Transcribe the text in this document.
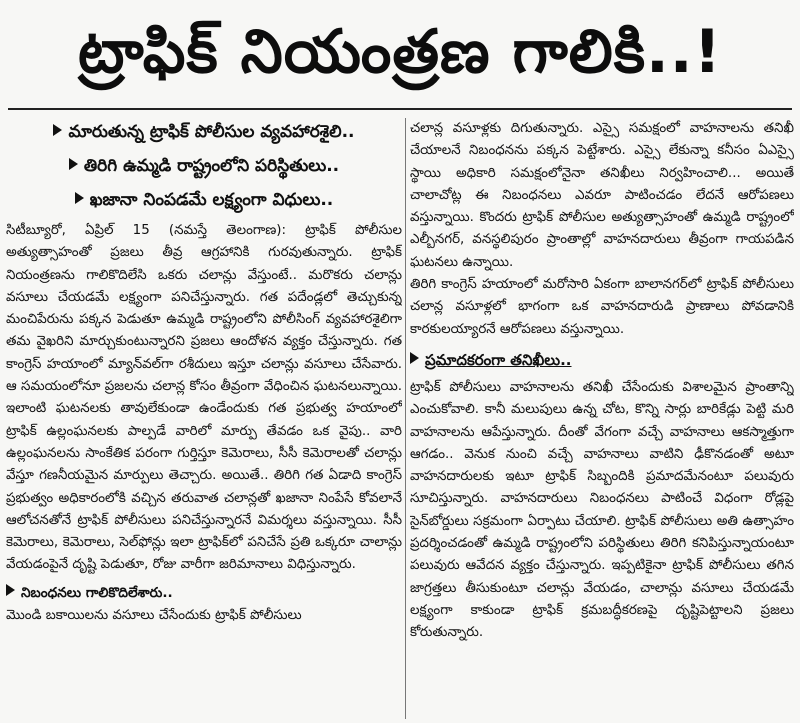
ట్రాఫిక్ నియంత్రణ గాలికి..!
మారుతున్న ట్రాఫిక్ పోలీసుల వ్యవహారశైలి..
తిరిగి ఉమ్మడి రాష్ట్రంలోని పరిస్థితులు..
ఖజానా నింపడమే లక్ష్యంగా విధులు..

సిటీబ్యూరో, ఏప్రిల్ 15 (నమస్తే తెలంగాణ): ట్రాఫిక్ పోలీసుల అత్యుత్సాహంతో ప్రజలు తీవ్ర ఆగ్రహానికి గురవుతున్నారు. ట్రాఫిక్ నియంత్రణను గాలికొదిలేసి ఒకరు చలాన్లు వేస్తుంటే.. మరొకరు చలాన్లు వసూలు చేయడమే లక్ష్యంగా పనిచేస్తున్నారు. గత పదేండ్లలో తెచ్చుకున్న మంచిపేరును పక్కన పెడుతూ ఉమ్మడి రాష్ట్రంలోని పోలీసింగ్ వ్యవహారశైలిగా తమ వైఖరిని మార్చుకుంటున్నారని ప్రజలు ఆందోళన వ్యక్తం చేస్తున్నారు. గత కాంగ్రెస్ హయాంలో మ్యాన్‌వల్‌గా రశీదులు ఇస్తూ చలాన్లు వసూలు చేసేవారు. ఆ సమయంలోనూ ప్రజలను చలాన్ల కోసం తీవ్రంగా వేధించిన ఘటనలున్నాయి. ఇలాంటి ఘటనలకు తావులేకుండా ఉండేందుకు గత ప్రభుత్వ హయాంలో ట్రాఫిక్ ఉల్లంఘనలకు పాల్పడే వారిలో మార్పు తేవడం ఒక వైపు.. వారి ఉల్లంఘనలను సాంకేతిక పరంగా గుర్తిస్తూ కెమెరాలు, సీసీ కెమెరాలతో చలాన్లు వేస్తూ గణనీయమైన మార్పులు తెచ్చారు. అయితే.. తిరిగి గత ఏడాది కాంగ్రెస్ ప్రభుత్వం అధికారంలోకి వచ్చిన తరువాత చలాన్లతో ఖజానా నింపేసే కోవలానే ఆలోచనతోనే ట్రాఫిక్ పోలీసులు పనిచేస్తున్నారనే విమర్శలు వస్తున్నాయి. సీసీ కెమెరాలు, కెమెరాలు, సెల్‌ఫోన్లు ఇలా ట్రాఫిక్‌లో పనిచేసే ప్రతి ఒక్కరూ చాలాన్లు వేయడంపైనే దృష్టి పెడుతూ, రోజు వారీగా జరిమానాలు విధిస్తున్నారు.

నిబంధనలు గాలికొదిలేశారు..

మొండి బకాయిలను వసూలు చేసేందుకు ట్రాఫిక్ పోలీసులు

చలాన్ల వసూళ్లకు దిగుతున్నారు. ఎస్సై సమక్షంలో వాహనాలను తనిఖీ చేయాలనే నిబంధనను పక్కన పెట్టేశారు. ఎస్సై లేకున్నా కనీసం ఏఎస్సై స్థాయి అధికారి సమక్షంలోనైనా తనిఖీలు నిర్వహించాలి... అయితే చాలాచోట్ల ఈ నిబంధనలు ఎవరూ పాటించడం లేదనే ఆరోపణలు వస్తున్నాయి. కొందరు ట్రాఫిక్ పోలీసుల అత్యుత్సాహంతో ఉమ్మడి రాష్ట్రంలో ఎల్బీనగర్, వనస్థలిపురం ప్రాంతాల్లో వాహనదారులు తీవ్రంగా గాయపడిన ఘటనలు ఉన్నాయి.

తిరిగి కాంగ్రెస్ హయాంలో మరోసారి ఏకంగా బాలానగర్‌లో ట్రాఫిక్ పోలీసులు చలాన్ల వసూళ్లలో భాగంగా ఒక వాహనదారుడి ప్రాణాలు పోవడానికి కారకులయ్యారనే ఆరోపణలు వస్తున్నాయి.

ప్రమాదకరంగా తనిఖీలు..

ట్రాఫిక్ పోలీసులు వాహనాలను తనిఖీ చేసేందుకు విశాలమైన ప్రాంతాన్ని ఎంచుకోవాలి. కానీ మలుపులు ఉన్న చోట, కొన్ని సార్లు బారికేడ్లు పెట్టి మరి వాహనాలను ఆపేస్తున్నారు. దీంతో వేగంగా వచ్చే వాహనాలు ఆకస్మాత్తుగా ఆగడం.. వెనుక నుంచి వచ్చే వాహనాలు వాటిని ఢీకొనడంతో అటూ వాహనదారులకు ఇటూ ట్రాఫిక్ సిబ్బందికి ప్రమాదమేనంటూ పలువురు సూచిస్తున్నారు. వాహనదారులు నిబంధనలు పాటించే విధంగా రోడ్లపై సైన్‌బోర్డులు సక్రమంగా ఏర్పాటు చేయాలి. ట్రాఫిక్ పోలీసులు అతి ఉత్సాహం ప్రదర్శించడంతో ఉమ్మడి రాష్ట్రంలోని పరిస్థితులు తిరిగి కనిపిస్తున్నాయంటూ పలువురు ఆవేదన వ్యక్తం చేస్తున్నారు. ఇప్పటికైనా ట్రాఫిక్ పోలీసులు తగిన జాగ్రత్తలు తీసుకుంటూ చలాన్లు వేయడం, చాలాన్లు వసూలు చేయడమే లక్ష్యంగా కాకుండా ట్రాఫిక్ క్రమబద్ధీకరణపై దృష్టిపెట్టాలని ప్రజలు కోరుతున్నారు.
